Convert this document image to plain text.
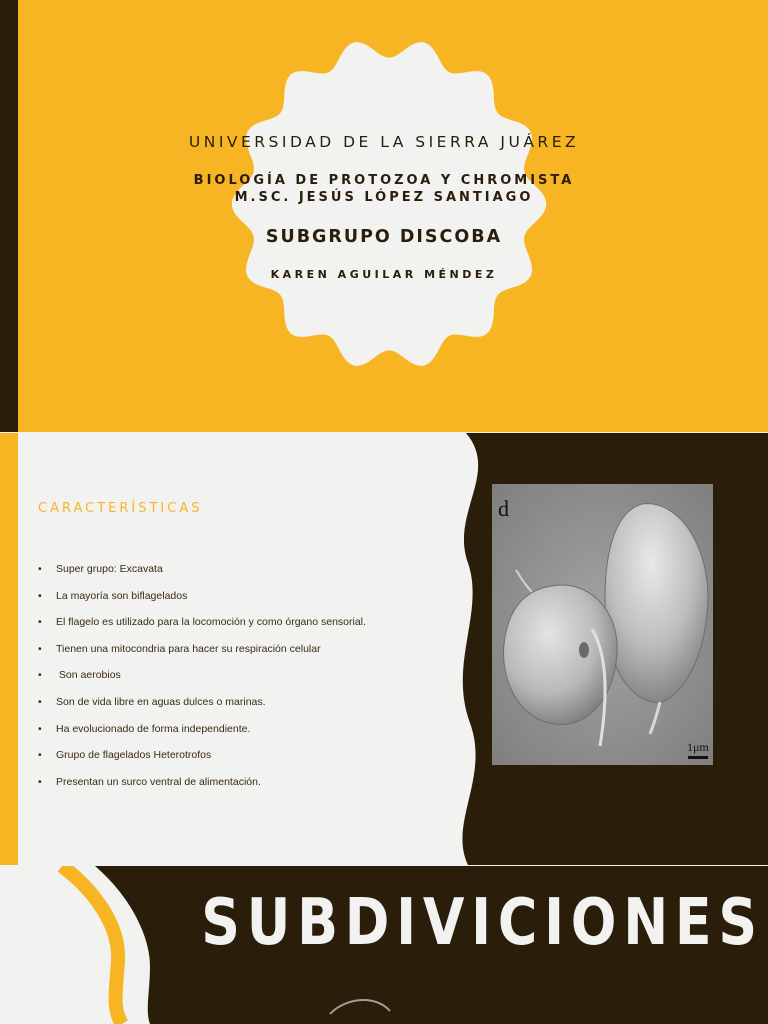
UNIVERSIDAD DE LA SIERRA JUÁREZ
BIOLOGÍA DE PROTOZOA Y CHROMISTA
M.SC. JESÚS LÓPEZ SANTIAGO
SUBGRUPO DISCOBA
KAREN AGUILAR MÉNDEZ
CARACTERÍSTICAS
• Super grupo: Excavata
• La mayoría son biflagelados
• El flagelo es utilizado para la locomoción y como órgano sensorial.
• Tienen una mitocondria para hacer su respiración celular
•  Son aerobios
• Son de vida libre en aguas dulces o marinas.
• Ha evolucionado de forma independiente.
• Grupo de flagelados Heterotrofos
• Presentan un surco ventral de alimentación.
d
1μm
SUBDIVICIONES
